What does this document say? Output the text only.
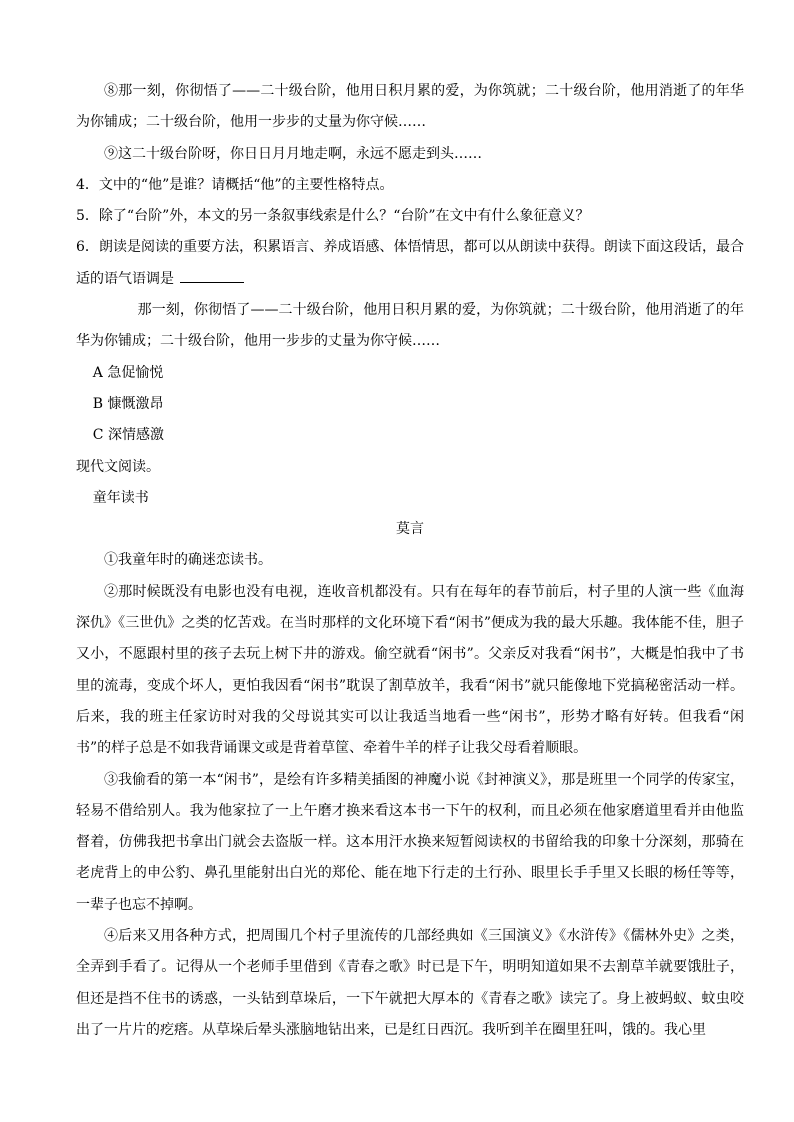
⑧那一刻，你彻悟了——二十级台阶，他用日积月累的爱，为你筑就；二十级台阶，他用消逝了的年华为你铺成；二十级台阶，他用一步步的丈量为你守候……

⑨这二十级台阶呀，你日日月月地走啊，永远不愿走到头……

4．文中的“他”是谁？请概括“他”的主要性格特点。

5．除了“台阶”外，本文的另一条叙事线索是什么？“台阶”在文中有什么象征意义？

6．朗读是阅读的重要方法，积累语言、养成语感、体悟情思，都可以从朗读中获得。朗读下面这段话，最合适的语气语调是

那一刻，你彻悟了——二十级台阶，他用日积月累的爱，为你筑就；二十级台阶，他用消逝了的年华为你铺成；二十级台阶，他用一步步的丈量为你守候……

A 急促愉悦

B 慷慨激昂

C 深情感激

现代文阅读。

童年读书

莫言

①我童年时的确迷恋读书。

②那时候既没有电影也没有电视，连收音机都没有。只有在每年的春节前后，村子里的人演一些《血海深仇》《三世仇》之类的忆苦戏。在当时那样的文化环境下看“闲书”便成为我的最大乐趣。我体能不佳，胆子又小，不愿跟村里的孩子去玩上树下井的游戏。偷空就看“闲书”。父亲反对我看“闲书”，大概是怕我中了书里的流毒，变成个坏人，更怕我因看“闲书”耽误了割草放羊，我看“闲书”就只能像地下党搞秘密活动一样。后来，我的班主任家访时对我的父母说其实可以让我适当地看一些“闲书”，形势才略有好转。但我看“闲书”的样子总是不如我背诵课文或是背着草筐、牵着牛羊的样子让我父母看着顺眼。

③我偷看的第一本“闲书”，是绘有许多精美插图的神魔小说《封神演义》，那是班里一个同学的传家宝，轻易不借给别人。我为他家拉了一上午磨才换来看这本书一下午的权利，而且必须在他家磨道里看并由他监督着，仿佛我把书拿出门就会去盗版一样。这本用汗水换来短暂阅读权的书留给我的印象十分深刻，那骑在老虎背上的申公豹、鼻孔里能射出白光的郑伦、能在地下行走的土行孙、眼里长手手里又长眼的杨任等等，一辈子也忘不掉啊。

④后来又用各种方式，把周围几个村子里流传的几部经典如《三国演义》《水浒传》《儒林外史》之类，全弄到手看了。记得从一个老师手里借到《青春之歌》时已是下午，明明知道如果不去割草羊就要饿肚子，但还是挡不住书的诱惑，一头钻到草垛后，一下午就把大厚本的《青春之歌》读完了。身上被蚂蚁、蚊虫咬出了一片片的疙瘩。从草垛后晕头涨脑地钻出来，已是红日西沉。我听到羊在圈里狂叫，饿的。我心里
